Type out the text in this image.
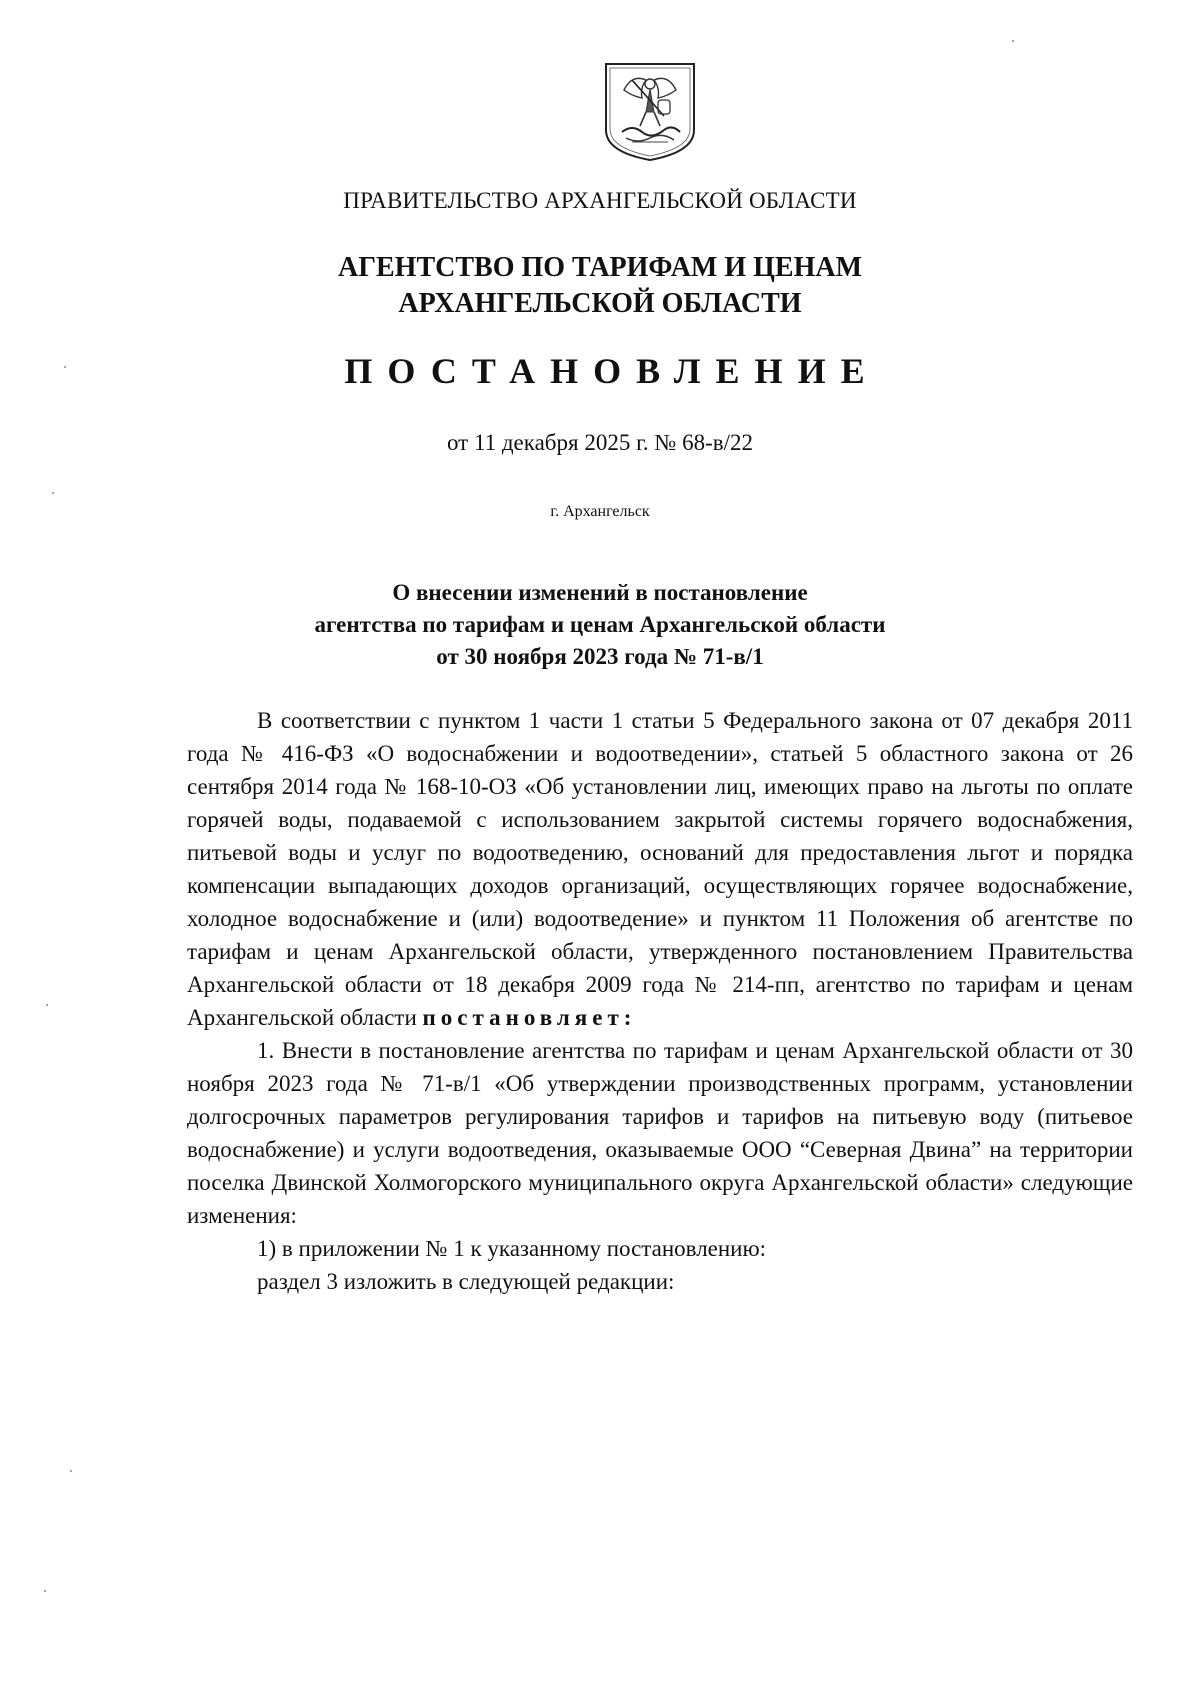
ПРАВИТЕЛЬСТВО АРХАНГЕЛЬСКОЙ ОБЛАСТИ
АГЕНТСТВО ПО ТАРИФАМ И ЦЕНАМ
АРХАНГЕЛЬСКОЙ ОБЛАСТИ
ПОСТАНОВЛЕНИЕ
от 11 декабря 2025 г. № 68-в/22
г. Архангельск
О внесении изменений в постановление
агентства по тарифам и ценам Архангельской области
от 30 ноября 2023 года № 71-в/1

В соответствии с пунктом 1 части 1 статьи 5 Федерального закона от 07 декабря 2011 года № 416-ФЗ «О водоснабжении и водоотведении», статьей 5 областного закона от 26 сентября 2014 года № 168-10-ОЗ «Об установлении лиц, имеющих право на льготы по оплате горячей воды, подаваемой с использованием закрытой системы горячего водоснабжения, питьевой воды и услуг по водоотведению, оснований для предоставления льгот и порядка компенсации выпадающих доходов организаций, осуществляющих горячее водоснабжение, холодное водоснабжение и (или) водоотведение» и пунктом 11 Положения об агентстве по тарифам и ценам Архангельской области, утвержденного постановлением Правительства Архангельской области от 18 декабря 2009 года № 214-пп, агентство по тарифам и ценам Архангельской области постановляет:

1. Внести в постановление агентства по тарифам и ценам Архангельской области от 30 ноября 2023 года № 71-в/1 «Об утверждении производственных программ, установлении долгосрочных параметров регулирования тарифов и тарифов на питьевую воду (питьевое водоснабжение) и услуги водоотведения, оказываемые ООО “Северная Двина” на территории поселка Двинской Холмогорского муниципального округа Архангельской области» следующие изменения:

1) в приложении № 1 к указанному постановлению:

раздел 3 изложить в следующей редакции:
